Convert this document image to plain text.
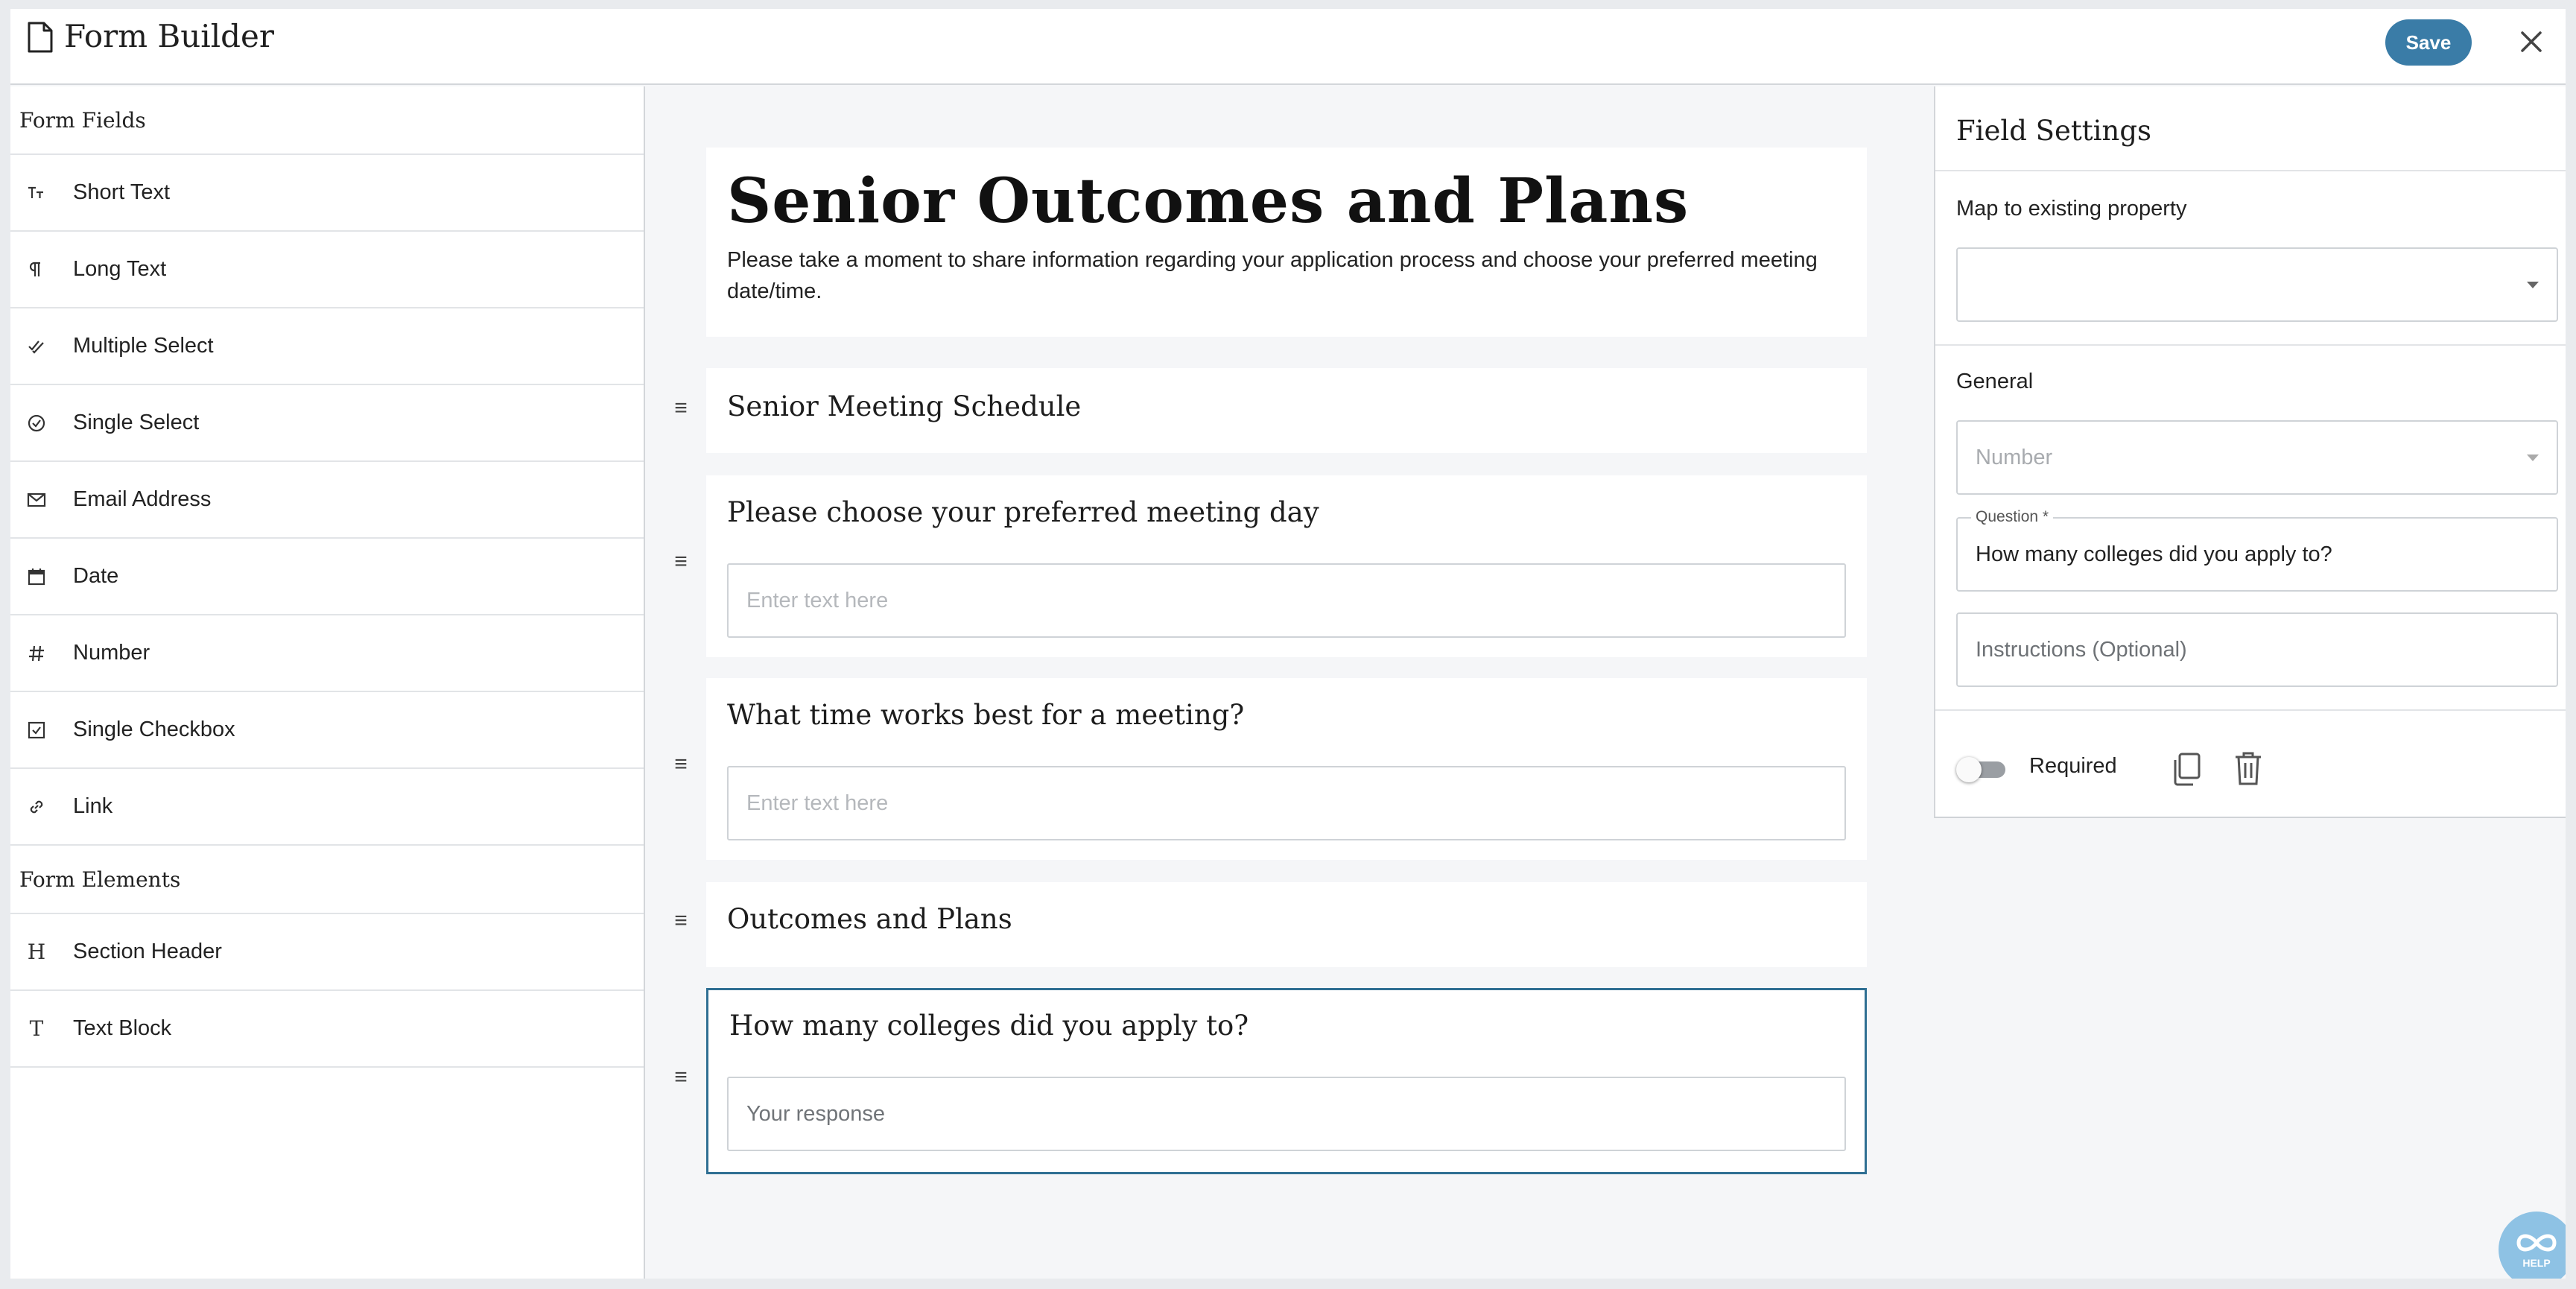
Form Builder	Save
Form Fields
Short Text
Long Text
Multiple Select
Single Select
Email Address
Date
Number
Single Checkbox
Link
Form Elements
H Section Header
T Text Block
Senior Outcomes and Plans
Please take a moment to share information regarding your application process and choose your preferred meeting date/time.
≡ Senior Meeting Schedule
≡
Please choose your preferred meeting day
Enter text here
≡
What time works best for a meeting?
Enter text here
≡ Outcomes and Plans
≡
How many colleges did you apply to?
Your response
Field Settings
Map to existing property
General
Number
Question *
How many colleges did you apply to?
Instructions (Optional)
Required
HELP
